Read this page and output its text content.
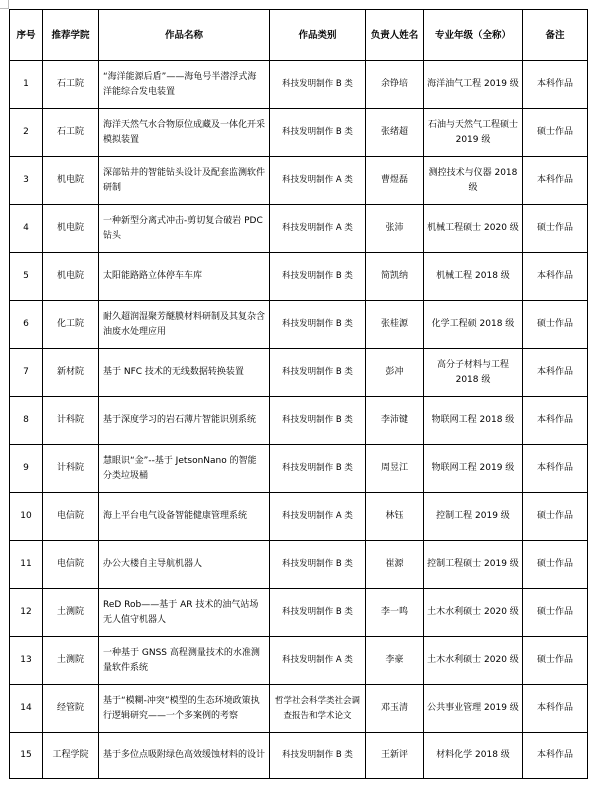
序号	推荐学院	作品名称	作品类别	负责人姓名	专业年级（全称）	备注
1	石工院	“海洋能源后盾”——海龟号半潜浮式海洋能综合发电装置	科技发明制作 B 类	余铮培	海洋油气工程 2019 级	本科作品
2	石工院	海洋天然气水合物原位成藏及一体化开采模拟装置	科技发明制作 B 类	张绪超	石油与天然气工程硕士 2019 级	硕士作品
3	机电院	深部钻井的智能钻头设计及配套监测软件研制	科技发明制作 A 类	曹煜磊	测控技术与仪器 2018 级	本科作品
4	机电院	一种新型分离式冲击-剪切复合破岩 PDC 钻头	科技发明制作 A 类	张沛	机械工程硕士 2020 级	硕士作品
5	机电院	太阳能路路立体停车车库	科技发明制作 B 类	简凯纳	机械工程 2018 级	本科作品
6	化工院	耐久超润湿聚芳醚膜材料研制及其复杂含油废水处理应用	科技发明制作 B 类	张桂源	化学工程硕 2018 级	硕士作品
7	新材院	基于 NFC 技术的无线数据转换装置	科技发明制作 B 类	彭冲	高分子材料与工程 2018 级	本科作品
8	计科院	基于深度学习的岩石薄片智能识别系统	科技发明制作 B 类	李沛键	物联网工程 2018 级	本科作品
9	计科院	慧眼识“金”--基于 JetsonNano 的智能分类垃圾桶	科技发明制作 B 类	周昱江	物联网工程 2019 级	本科作品
10	电信院	海上平台电气设备智能健康管理系统	科技发明制作 A 类	林钰	控制工程 2019 级	硕士作品
11	电信院	办公大楼自主导航机器人	科技发明制作 B 类	崔源	控制工程硕士 2019 级	硕士作品
12	土测院	ReD Rob——基于 AR 技术的油气站场无人值守机器人	科技发明制作 B 类	李一鸣	土木水利硕士 2020 级	硕士作品
13	土测院	一种基于 GNSS 高程测量技术的水准测量软件系统	科技发明制作 A 类	李豪	土木水利硕士 2020 级	硕士作品
14	经管院	基于“模糊-冲突”模型的生态环境政策执行逻辑研究——一个多案例的考察	哲学社会科学类社会调查报告和学术论文	邓玉清	公共事业管理 2019 级	本科作品
15	工程学院	基于多位点吸附绿色高效缓蚀材料的设计	科技发明制作 B 类	王新评	材料化学 2018 级	本科作品
